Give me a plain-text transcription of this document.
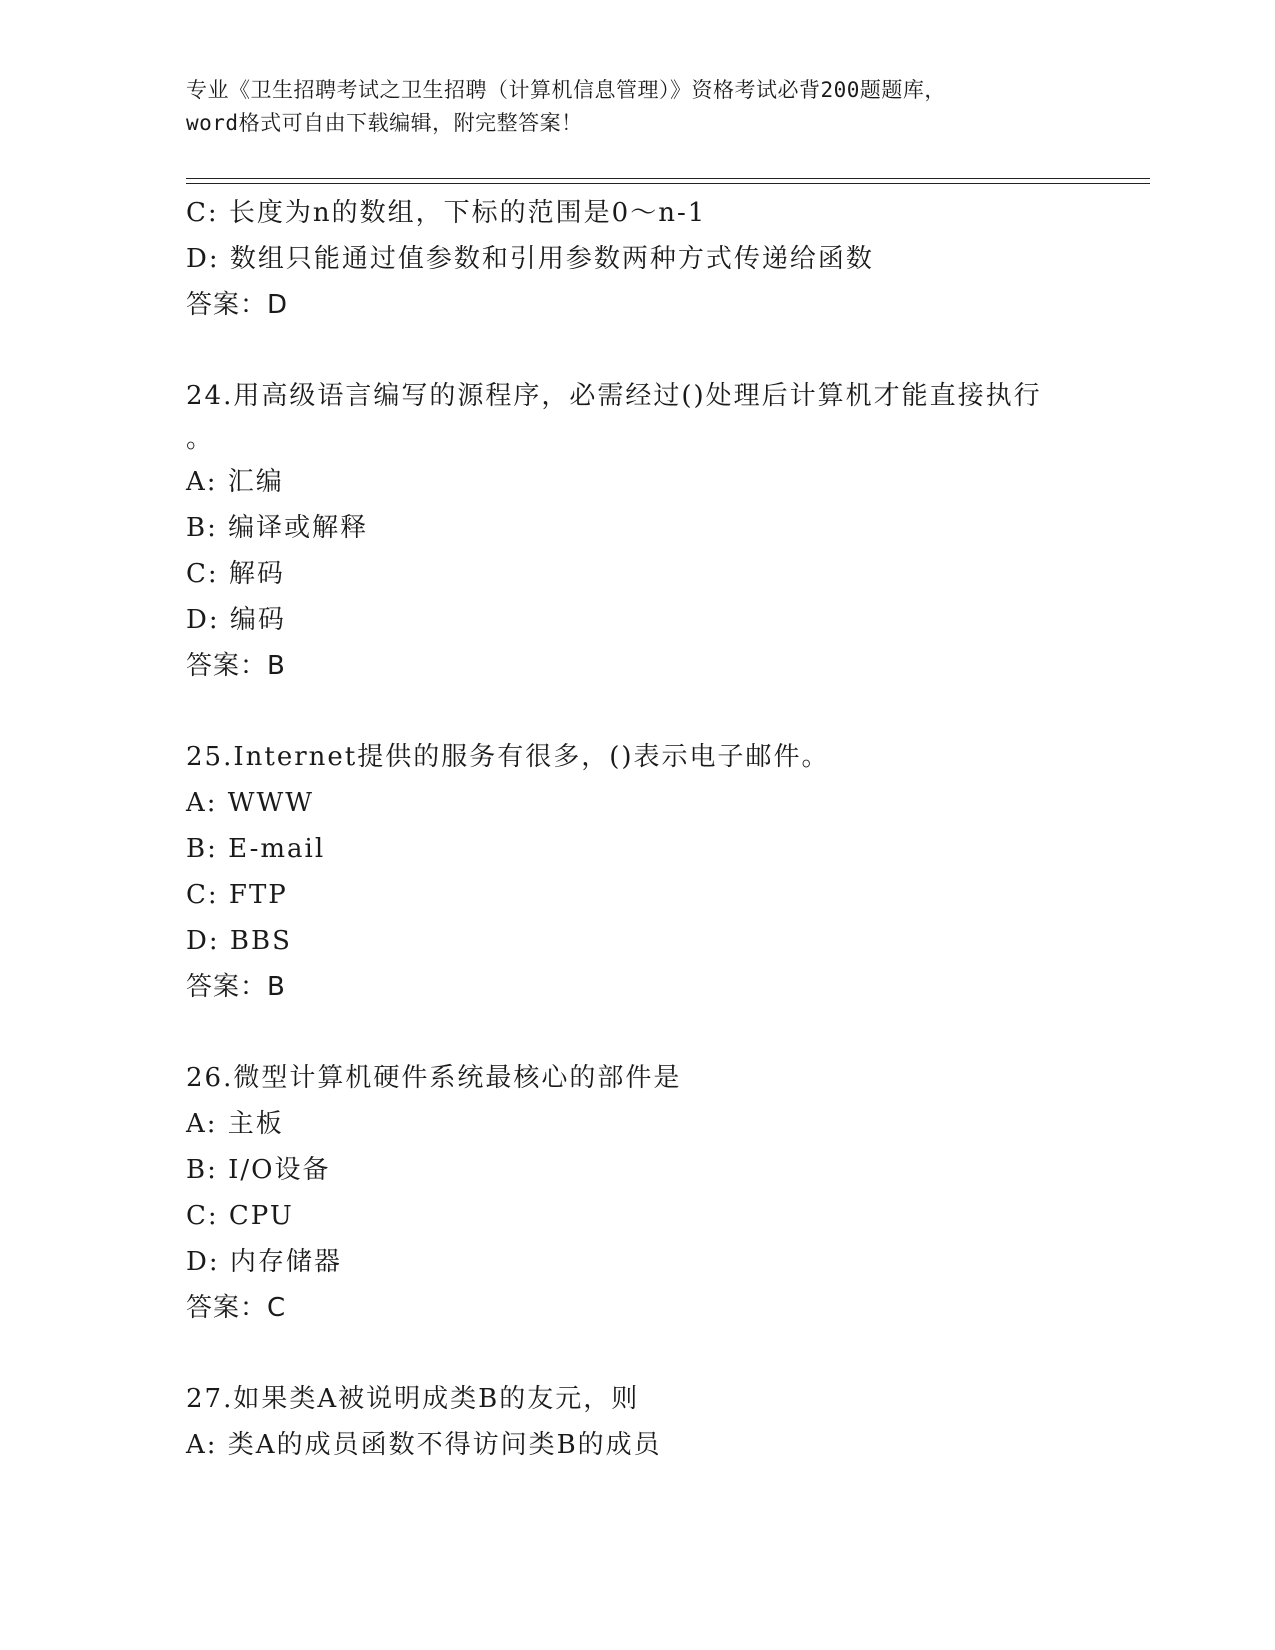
专业《卫生招聘考试之卫生招聘（计算机信息管理）》资格考试必背200题题库，
word格式可自由下载编辑，附完整答案！
C: 长度为n的数组，下标的范围是0～n-1
D: 数组只能通过值参数和引用参数两种方式传递给函数
答案：D
24.用高级语言编写的源程序，必需经过()处理后计算机才能直接执行
。
A: 汇编
B: 编译或解释
C: 解码
D: 编码
答案：B
25.Internet提供的服务有很多，()表示电子邮件。
A: WWW
B: E-mail
C: FTP
D: BBS
答案：B
26.微型计算机硬件系统最核心的部件是
A: 主板
B: I/O设备
C: CPU
D: 内存储器
答案：C
27.如果类A被说明成类B的友元，则
A: 类A的成员函数不得访问类B的成员
